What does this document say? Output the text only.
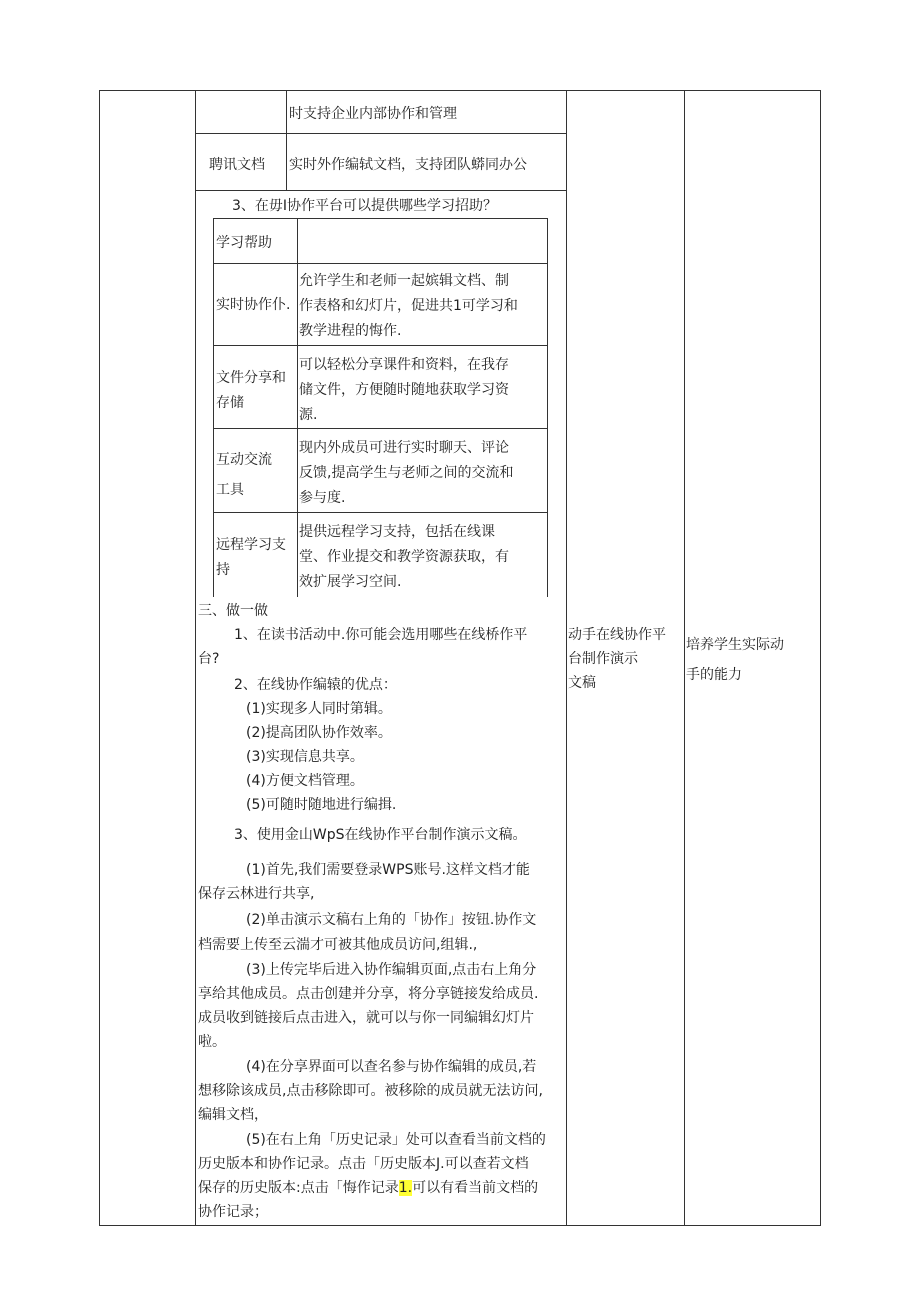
时支持企业内部协作和管理
聘讯文档 实时外作编轼文档，支持团队蟒同办公
3、在毋I协作平台可以提供哪些学习招助？
学习帮助
实时协作仆.
允许学生和老师一起嫔辑文档、制
作表格和幻灯片，促进共1可学习和
教学进程的悔作.
文件分享和
存储
可以轻松分享课件和资料，在我存
储文件，方便随时随地获取学习资
源.
互动交流
工具
现内外成员可进行实时聊天、评论
反馈,提高学生与老师之间的交流和
参与度.
远程学习支
持
提供远程学习支持，包括在线课
堂、作业提交和教学资源获取，有
效扩展学习空间.
三、做一做
1、在读书活动中.你可能会选用哪些在线桥作平
台?
2、在线协作编辕的优点：
(1)实现多人同时第辑。
(2)提高团队协作效率。
(3)实现信息共享。
(4)方便文档管理。
(5)可随时随地进行编揖.
3、使用金山WpS在线协作平台制作演示文稿。
(1)首先,我们需要登录WPS账号.这样文档才能
保存云林进行共享,
(2)单击演示文稿右上角的「协作」按钮.协作文
档需要上传至云湍才可被其他成员访问,组辑.,
(3)上传完毕后进入协作编辑页面,点击右上角分
享给其他成员。点击创建并分享，将分享链接发给成员.
成员收到链接后点击进入，就可以与你一同编辑幻灯片
啦。
(4)在分享界面可以查名参与协作编辑的成员,若
想移除该成员,点击移除即可。被移除的成员就无法访问,
编辑文档，
(5)在右上角「历史记录」处可以查看当前文档的
历史版本和协作记录。点击「历史版本J.可以查若文档
保存的历史版本:点击「悔作记录1.可以有看当前文档的
协作记录；
动手在线协作平
台制作演示
文稿
培养学生实际动
手的能力
